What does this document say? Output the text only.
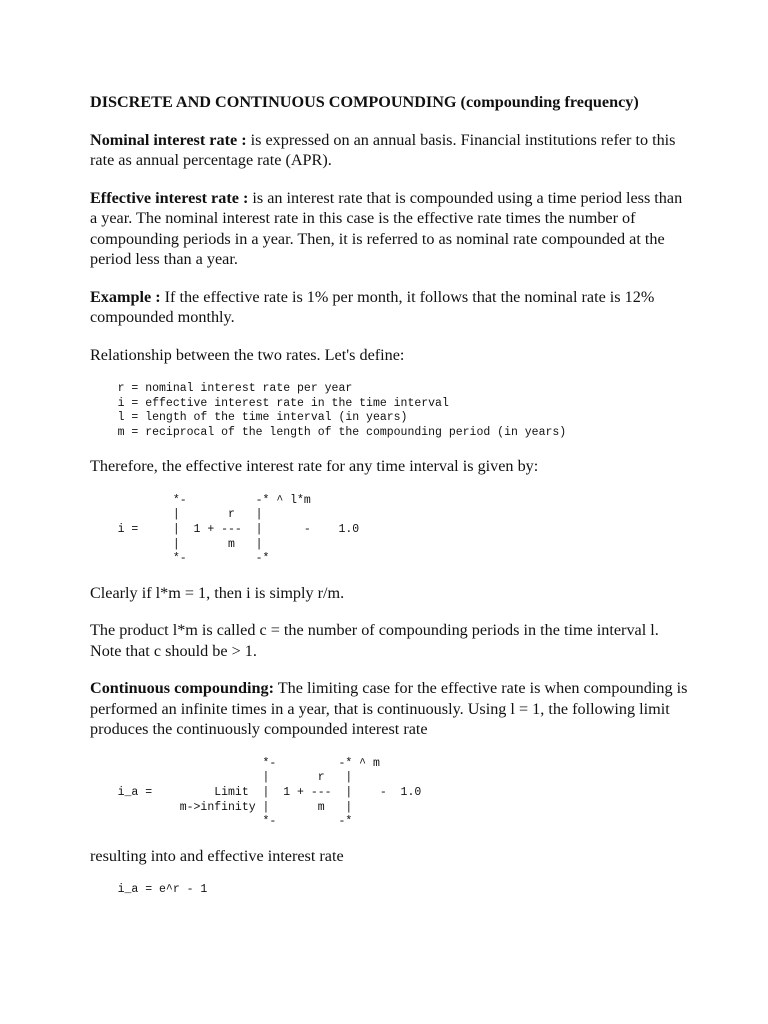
DISCRETE AND CONTINUOUS COMPOUNDING (compounding frequency)

Nominal interest rate : is expressed on an annual basis. Financial institutions refer to this rate as annual percentage rate (APR).

Effective interest rate : is an interest rate that is compounded using a time period less than a year. The nominal interest rate in this case is the effective rate times the number of compounding periods in a year. Then, it is referred to as nominal rate compounded at the period less than a year.

Example : If the effective rate is 1% per month, it follows that the nominal rate is 12% compounded monthly.

Relationship between the two rates. Let's define:

r = nominal interest rate per year
i = effective interest rate in the time interval
l = length of the time interval (in years)
m = reciprocal of the length of the compounding period (in years)

Therefore, the effective interest rate for any time interval is given by:

*-          -* ^ l*m
|       r   |
i =     |  1 + ---  |      -    1.0
|       m   |
*-          -*

Clearly if l*m = 1, then i is simply r/m.

The product l*m is called c = the number of compounding periods in the time interval l. Note that c should be > 1.

Continuous compounding: The limiting case for the effective rate is when compounding is performed an infinite times in a year, that is continuously. Using l = 1, the following limit produces the continuously compounded interest rate

*-         -* ^ m
|       r   |
i_a =         Limit  |  1 + ---  |    -  1.0
m->infinity |       m   |
*-         -*

resulting into and effective interest rate

i_a = e^r - 1
